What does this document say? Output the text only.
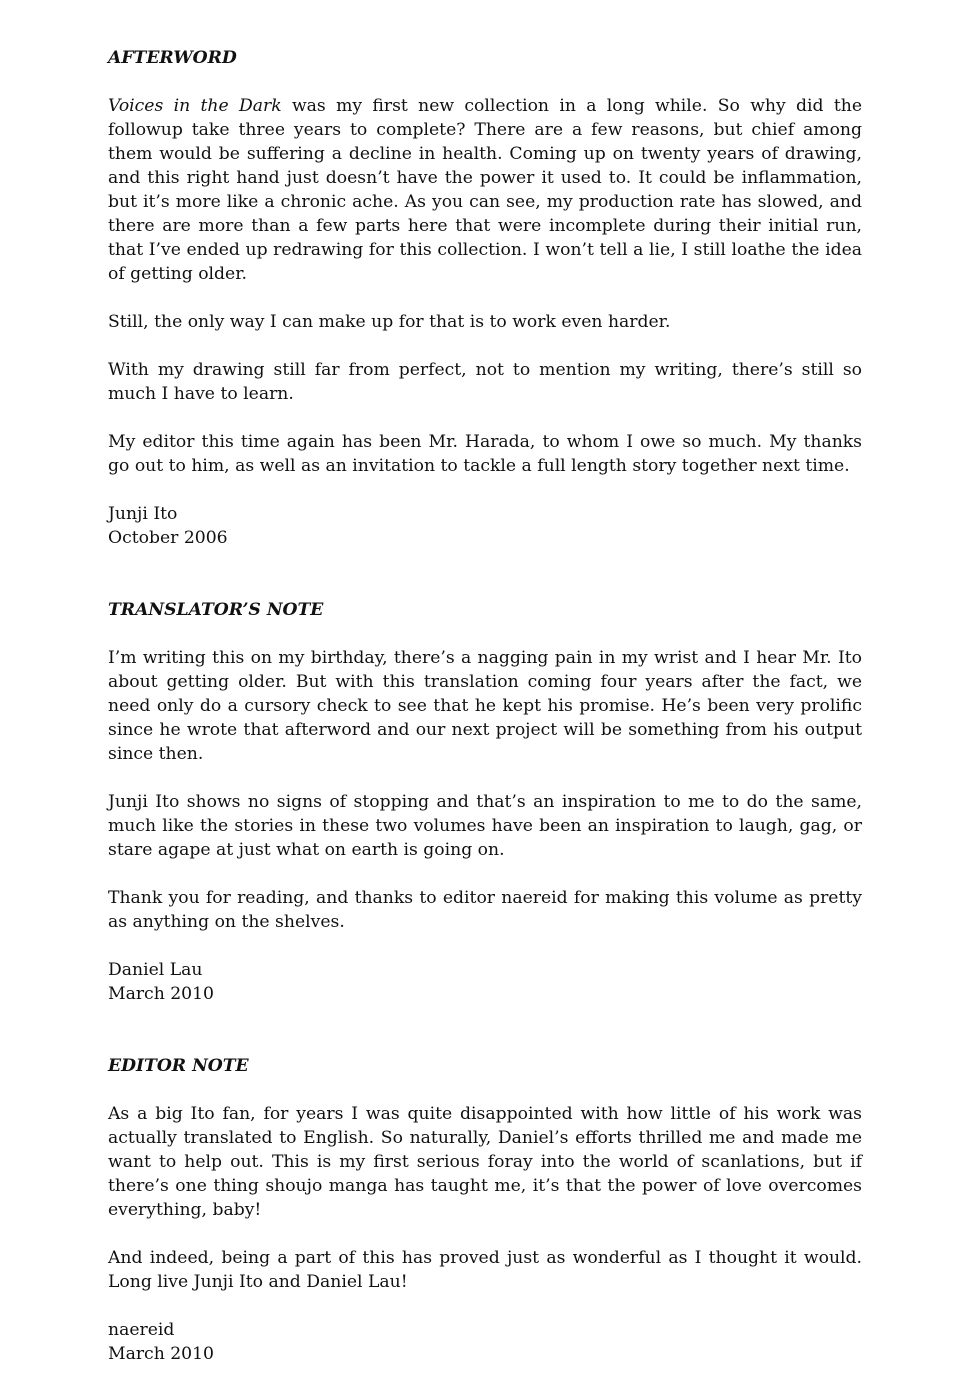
AFTERWORD

Voices in the Dark was my first new collection in a long while. So why did the followup take three years to complete? There are a few reasons, but chief among them would be suffering a decline in health. Coming up on twenty years of drawing, and this right hand just doesn’t have the power it used to. It could be inflammation, but it’s more like a chronic ache. As you can see, my production rate has slowed, and there are more than a few parts here that were incomplete during their initial run, that I’ve ended up redrawing for this collection. I won’t tell a lie, I still loathe the idea of getting older.

Still, the only way I can make up for that is to work even harder.

With my drawing still far from perfect, not to mention my writing, there’s still so much I have to learn.

My editor this time again has been Mr. Harada, to whom I owe so much. My thanks go out to him, as well as an invitation to tackle a full length story together next time.

Junji Ito
October 2006
TRANSLATOR’S NOTE

I’m writing this on my birthday, there’s a nagging pain in my wrist and I hear Mr. Ito about getting older. But with this translation coming four years after the fact, we need only do a cursory check to see that he kept his promise. He’s been very prolific since he wrote that afterword and our next project will be something from his output since then.

Junji Ito shows no signs of stopping and that’s an inspiration to me to do the same, much like the stories in these two volumes have been an inspiration to laugh, gag, or stare agape at just what on earth is going on.

Thank you for reading, and thanks to editor naereid for making this volume as pretty as anything on the shelves.

Daniel Lau
March 2010
EDITOR NOTE

As a big Ito fan, for years I was quite disappointed with how little of his work was actually translated to English. So naturally, Daniel’s efforts thrilled me and made me want to help out. This is my first serious foray into the world of scanlations, but if there’s one thing shoujo manga has taught me, it’s that the power of love overcomes everything, baby!

And indeed, being a part of this has proved just as wonderful as I thought it would. Long live Junji Ito and Daniel Lau!

naereid
March 2010
